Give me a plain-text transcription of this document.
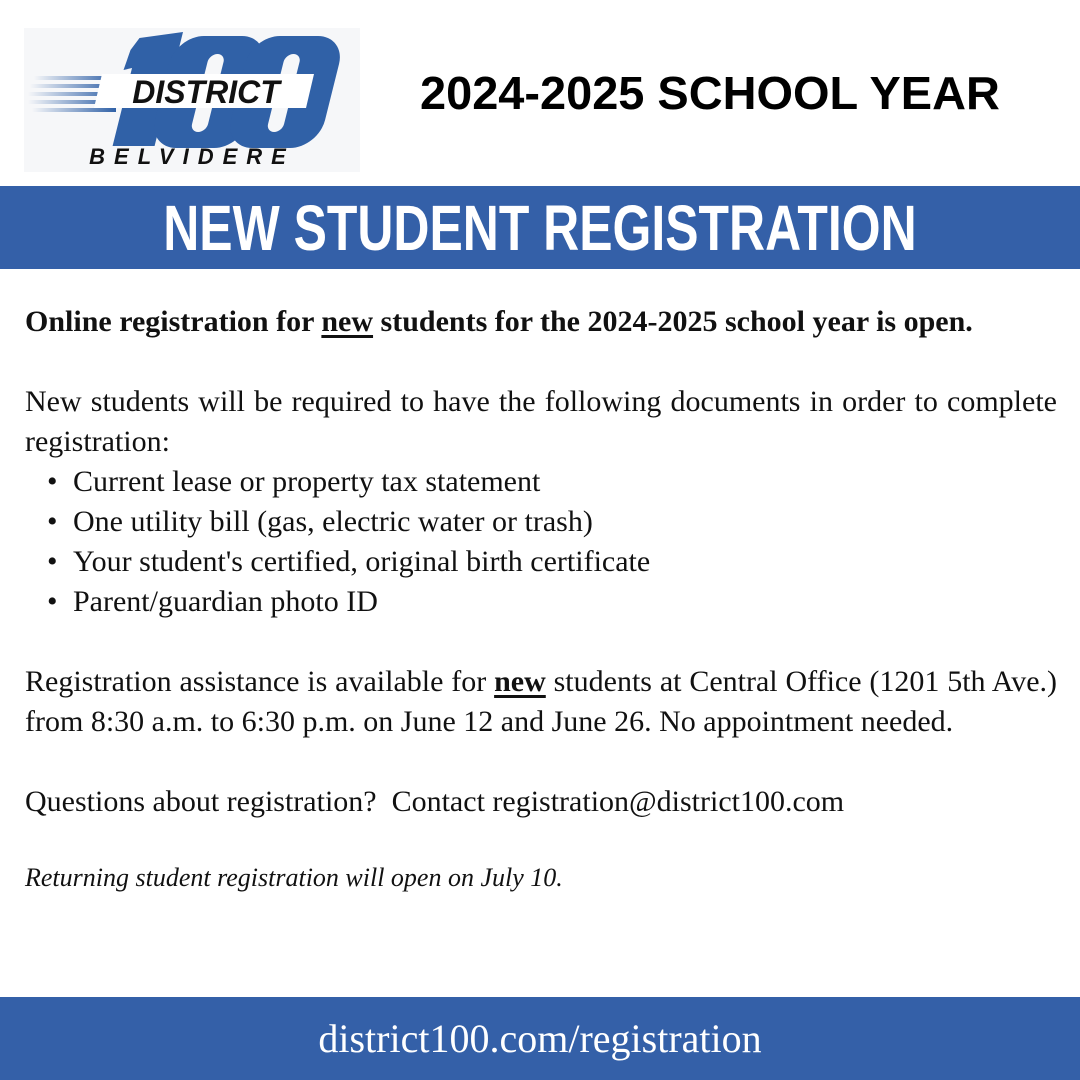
DISTRICT
BELVIDERE
2024-2025 SCHOOL YEAR
NEW STUDENT REGISTRATION

Online registration for new students for the 2024-2025 school year is open.

New students will be required to have the following documents in order to complete registration:

• Current lease or property tax statement
• One utility bill (gas, electric water or trash)
• Your student's certified, original birth certificate
• Parent/guardian photo ID

Registration assistance is available for new students at Central Office (1201 5th Ave.) from 8:30 a.m. to 6:30 p.m. on June 12 and June 26. No appointment needed.

Questions about registration?  Contact registration@district100.com

Returning student registration will open on July 10.

district100.com/registration
